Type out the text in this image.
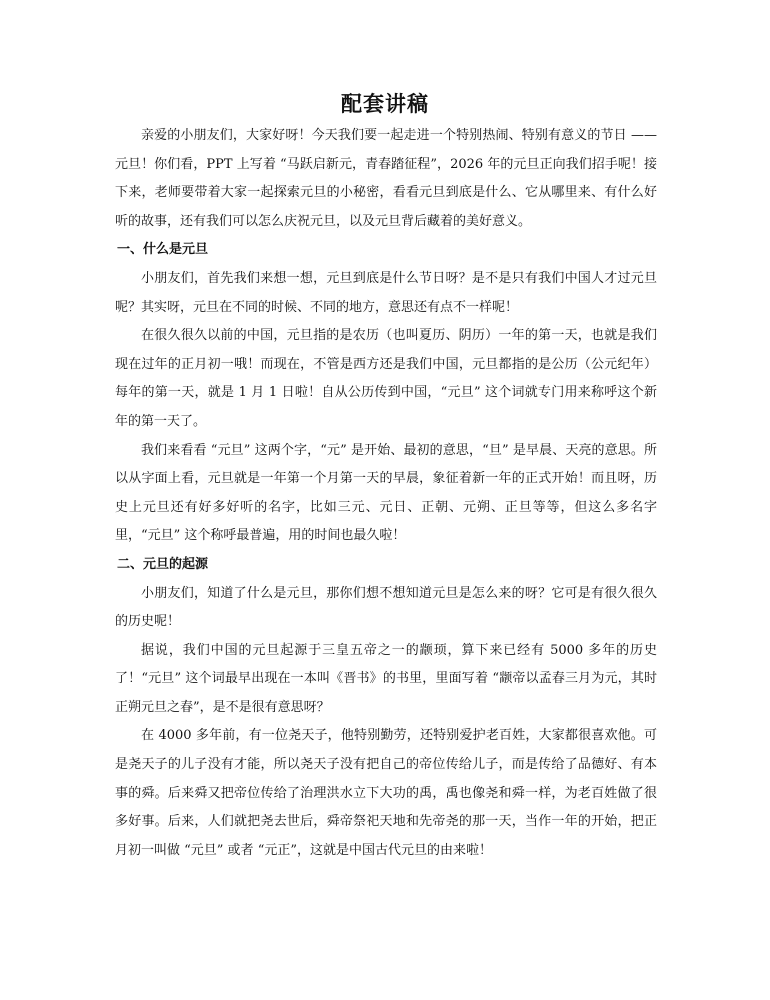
配套讲稿

亲爱的小朋友们，大家好呀！今天我们要一起走进一个特别热闹、特别有意义的节日 —— 元旦！你们看，PPT 上写着 “马跃启新元，青春踏征程”，2026 年的元旦正向我们招手呢！接下来，老师要带着大家一起探索元旦的小秘密，看看元旦到底是什么、它从哪里来、有什么好听的故事，还有我们可以怎么庆祝元旦，以及元旦背后藏着的美好意义。

一、什么是元旦

小朋友们，首先我们来想一想，元旦到底是什么节日呀？是不是只有我们中国人才过元旦呢？其实呀，元旦在不同的时候、不同的地方，意思还有点不一样呢！

在很久很久以前的中国，元旦指的是农历（也叫夏历、阴历）一年的第一天，也就是我们现在过年的正月初一哦！而现在，不管是西方还是我们中国，元旦都指的是公历（公元纪年）每年的第一天，就是 1 月 1 日啦！自从公历传到中国，“元旦” 这个词就专门用来称呼这个新年的第一天了。

我们来看看 “元旦” 这两个字，“元” 是开始、最初的意思，“旦” 是早晨、天亮的意思。所以从字面上看，元旦就是一年第一个月第一天的早晨，象征着新一年的正式开始！而且呀，历史上元旦还有好多好听的名字，比如三元、元日、正朝、元朔、正旦等等，但这么多名字里，“元旦” 这个称呼最普遍，用的时间也最久啦！

二、元旦的起源

小朋友们，知道了什么是元旦，那你们想不想知道元旦是怎么来的呀？它可是有很久很久的历史呢！

据说，我们中国的元旦起源于三皇五帝之一的颛顼，算下来已经有 5000 多年的历史了！“元旦” 这个词最早出现在一本叫《晋书》的书里，里面写着 “颛帝以孟春三月为元，其时正朔元旦之春”，是不是很有意思呀？

在 4000 多年前，有一位尧天子，他特别勤劳，还特别爱护老百姓，大家都很喜欢他。可是尧天子的儿子没有才能，所以尧天子没有把自己的帝位传给儿子，而是传给了品德好、有本事的舜。后来舜又把帝位传给了治理洪水立下大功的禹，禹也像尧和舜一样，为老百姓做了很多好事。后来，人们就把尧去世后，舜帝祭祀天地和先帝尧的那一天，当作一年的开始，把正月初一叫做 “元旦” 或者 “元正”，这就是中国古代元旦的由来啦！
